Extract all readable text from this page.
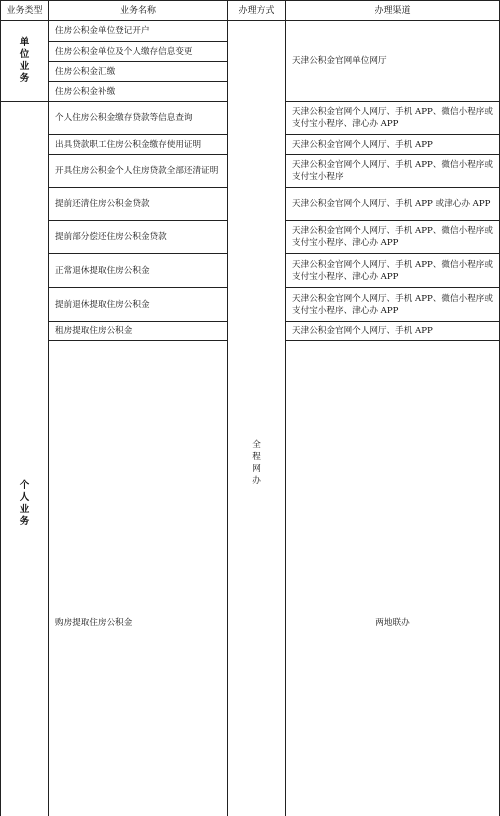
业务类型	业务名称	办理方式	办理渠道	
单位业务	住房公积金单位登记开户	全程网办	天津公积金官网单位网厅	
	住房公积金单位及个人缴存信息变更			
	住房公积金汇缴			
	住房公积金补缴			
个人业务	个人住房公积金缴存贷款等信息查询		天津公积金官网个人网厅、手机 APP、微信小程序或支付宝小程序、津心办 APP	
	出具贷款职工住房公积金缴存使用证明		天津公积金官网个人网厅、手机 APP	
	开具住房公积金个人住房贷款全部还清证明		天津公积金官网个人网厅、手机 APP、微信小程序或支付宝小程序	
	提前还清住房公积金贷款		天津公积金官网个人网厅、手机 APP 或津心办 APP	
	提前部分偿还住房公积金贷款		天津公积金官网个人网厅、手机 APP、微信小程序或支付宝小程序、津心办 APP	
	正常退休提取住房公积金		天津公积金官网个人网厅、手机 APP、微信小程序或支付宝小程序、津心办 APP	
	提前退休提取住房公积金		天津公积金官网个人网厅、手机 APP、微信小程序或支付宝小程序、津心办 APP	
	租房提取住房公积金		天津公积金官网个人网厅、手机 APP	
	购房提取住房公积金		两地联办	
